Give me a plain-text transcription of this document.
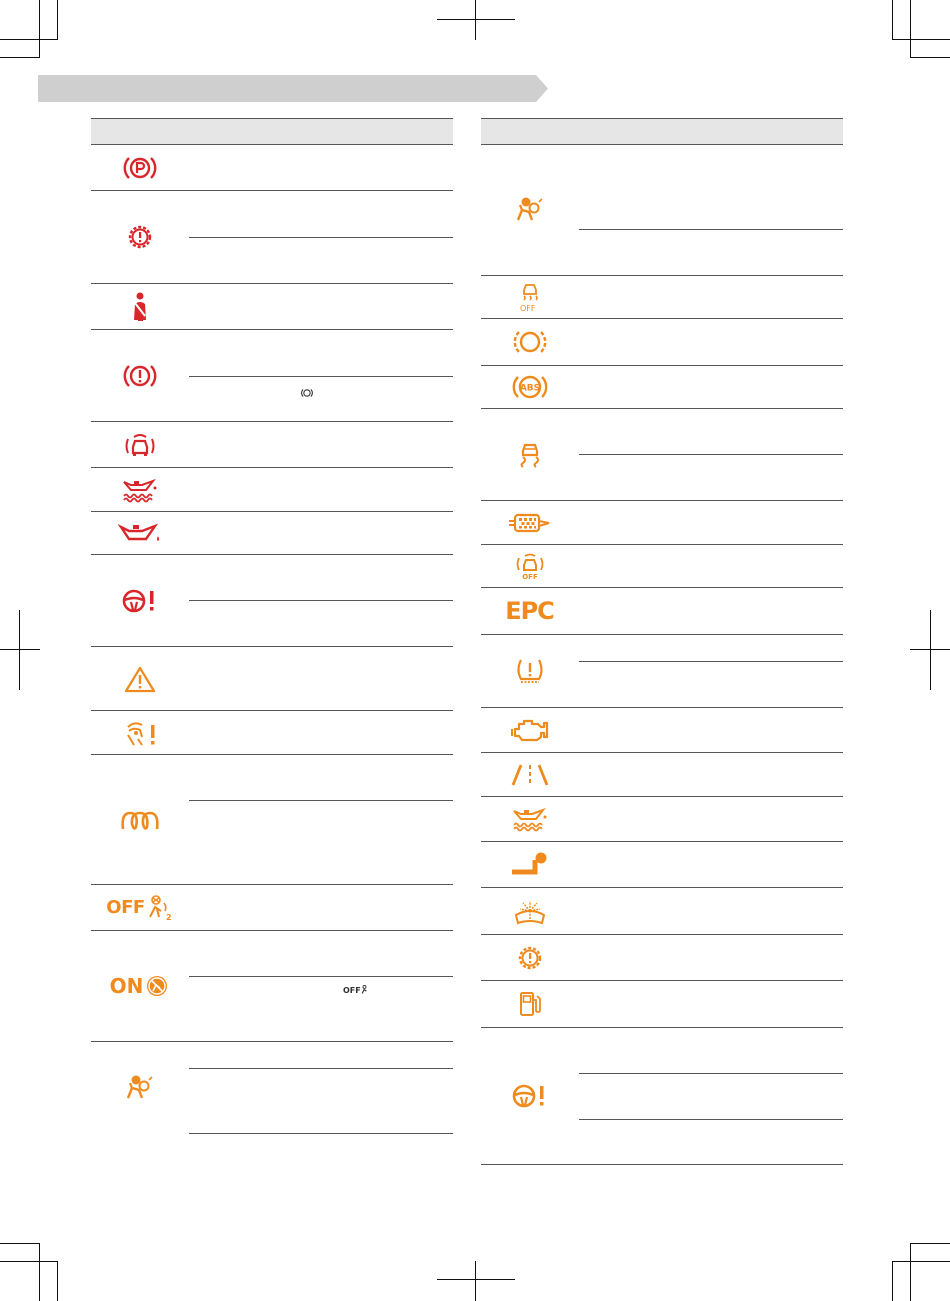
OFF	2
ON	OFF
OFF
ABS
OFF
EPC
